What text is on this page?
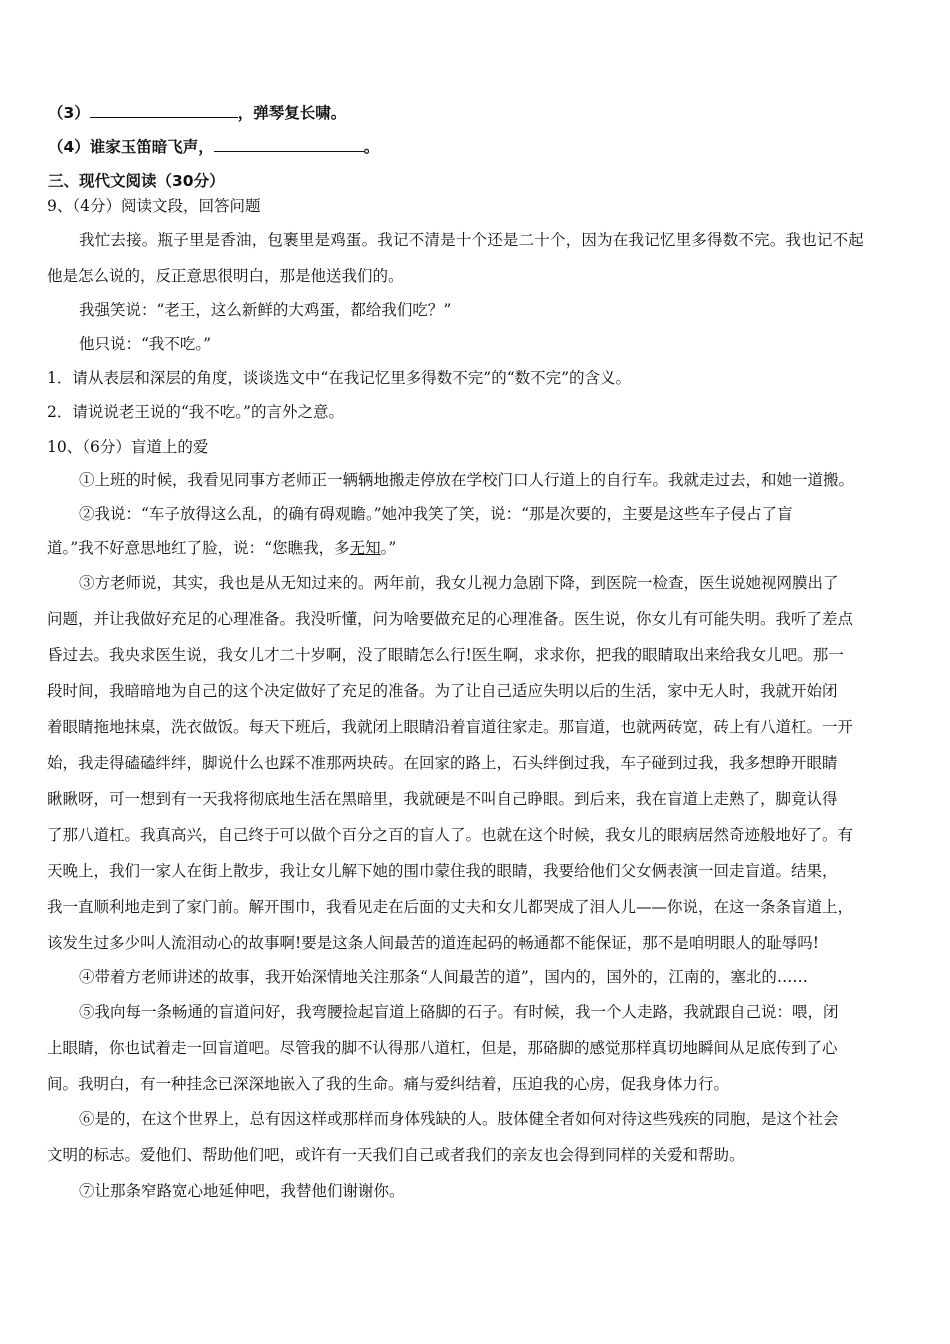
（3）	，弹琴复长啸。
（4）谁家玉笛暗飞声，	。
三、现代文阅读（30分）
9、（4分）阅读文段，回答问题
我忙去接。瓶子里是香油，包裹里是鸡蛋。我记不清是十个还是二十个，因为在我记忆里多得数不完。我也记不起
他是怎么说的，反正意思很明白，那是他送我们的。
我强笑说：“老王，这么新鲜的大鸡蛋，都给我们吃？”
他只说：“我不吃。”
1．请从表层和深层的角度，谈谈选文中“在我记忆里多得数不完”的“数不完”的含义。
2．请说说老王说的“我不吃。”的言外之意。
10、（6分）盲道上的爱
①上班的时候，我看见同事方老师正一辆辆地搬走停放在学校门口人行道上的自行车。我就走过去，和她一道搬。
②我说：“车子放得这么乱，的确有碍观瞻。”她冲我笑了笑，说：“那是次要的，主要是这些车子侵占了盲
道。”我不好意思地红了脸，说：“您瞧我，多无知。”
③方老师说，其实，我也是从无知过来的。两年前，我女儿视力急剧下降，到医院一检查，医生说她视网膜出了
问题，并让我做好充足的心理准备。我没听懂，问为啥要做充足的心理准备。医生说，你女儿有可能失明。我听了差点
昏过去。我央求医生说，我女儿才二十岁啊，没了眼睛怎么行!医生啊，求求你，把我的眼睛取出来给我女儿吧。那一
段时间，我暗暗地为自己的这个决定做好了充足的准备。为了让自己适应失明以后的生活，家中无人时，我就开始闭
着眼睛拖地抹桌，洗衣做饭。每天下班后，我就闭上眼睛沿着盲道往家走。那盲道，也就两砖宽，砖上有八道杠。一开
始，我走得磕磕绊绊，脚说什么也踩不准那两块砖。在回家的路上，石头绊倒过我，车子碰到过我，我多想睁开眼睛
瞅瞅呀，可一想到有一天我将彻底地生活在黑暗里，我就硬是不叫自己睁眼。到后来，我在盲道上走熟了，脚竟认得
了那八道杠。我真高兴，自己终于可以做个百分之百的盲人了。也就在这个时候，我女儿的眼病居然奇迹般地好了。有
天晚上，我们一家人在街上散步，我让女儿解下她的围巾蒙住我的眼睛，我要给他们父女俩表演一回走盲道。结果，
我一直顺利地走到了家门前。解开围巾，我看见走在后面的丈夫和女儿都哭成了泪人儿——你说，在这一条条盲道上，
该发生过多少叫人流泪动心的故事啊!要是这条人间最苦的道连起码的畅通都不能保证，那不是咱明眼人的耻辱吗!
④带着方老师讲述的故事，我开始深情地关注那条“人间最苦的道”，国内的，国外的，江南的，塞北的……
⑤我向每一条畅通的盲道问好，我弯腰捡起盲道上硌脚的石子。有时候，我一个人走路，我就跟自己说：喂，闭
上眼睛，你也试着走一回盲道吧。尽管我的脚不认得那八道杠，但是，那硌脚的感觉那样真切地瞬间从足底传到了心
间。我明白，有一种挂念已深深地嵌入了我的生命。痛与爱纠结着，压迫我的心房，促我身体力行。
⑥是的，在这个世界上，总有因这样或那样而身体残缺的人。肢体健全者如何对待这些残疾的同胞，是这个社会
文明的标志。爱他们、帮助他们吧，或许有一天我们自己或者我们的亲友也会得到同样的关爱和帮助。
⑦让那条窄路宽心地延伸吧，我替他们谢谢你。
